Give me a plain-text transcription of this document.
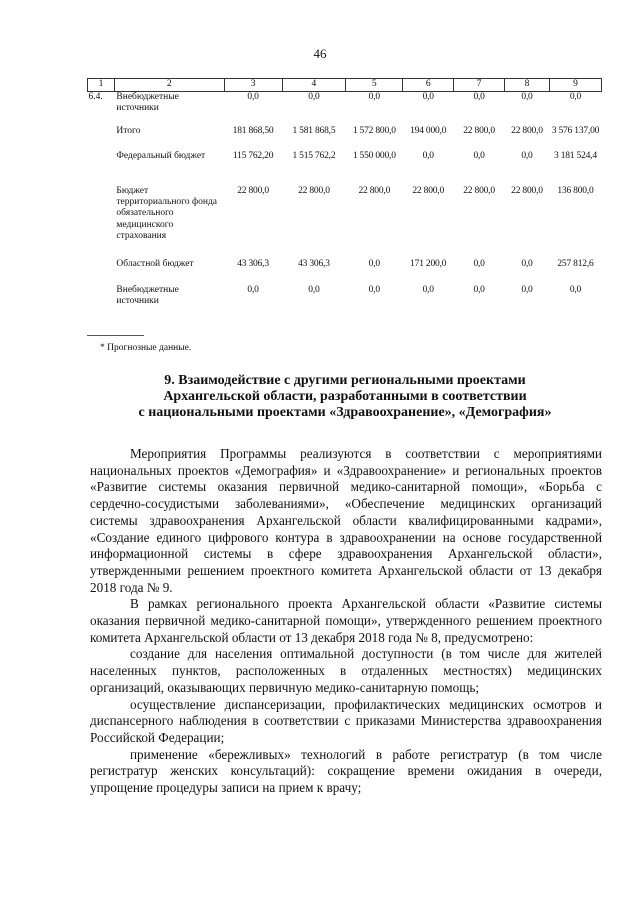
46
1	2	3	4	5	6	7	8	9
6.4.	Внебюджетные источники	0,0	0,0	0,0	0,0	0,0	0,0	0,0
	Итого	181 868,50	1 581 868,5	1 572 800,0	194 000,0	22 800,0	22 800,0	3 576 137,00
	Федеральный бюджет	115 762,20	1 515 762,2	1 550 000,0	0,0	0,0	0,0	3 181 524,4
	Бюджет территориального фонда обязательного медицинского страхования	22 800,0	22 800,0	22 800,0	22 800,0	22 800,0	22 800,0	136 800,0
	Областной бюджет	43 306,3	43 306,3	0,0	171 200,0	0,0	0,0	257 812,6
	Внебюджетные источники	0,0	0,0	0,0	0,0	0,0	0,0	0,0
* Прогнозные данные.
9. Взаимодействие с другими региональными проектами
Архангельской области, разработанными в соответствии
с национальными проектами «Здравоохранение», «Демография»

Мероприятия Программы реализуются в соответствии с мероприятиями национальных проектов «Демография» и «Здравоохранение» и региональных проектов «Развитие системы оказания первичной медико-санитарной помощи», «Борьба с сердечно-сосудистыми заболеваниями», «Обеспечение медицинских организаций системы здравоохранения Архангельской области квалифицированными кадрами», «Создание единого цифрового контура в здравоохранении на основе государственной информационной системы в сфере здравоохранения Архангельской области», утвержденными решением проектного комитета Архангельской области от 13 декабря 2018 года № 9.

В рамках регионального проекта Архангельской области «Развитие системы оказания первичной медико-санитарной помощи», утвержденного решением проектного комитета Архангельской области от 13 декабря 2018 года № 8, предусмотрено:

создание для населения оптимальной доступности (в том числе для жителей населенных пунктов, расположенных в отдаленных местностях) медицинских организаций, оказывающих первичную медико-санитарную помощь;

осуществление диспансеризации, профилактических медицинских осмотров и диспансерного наблюдения в соответствии с приказами Министерства здравоохранения Российской Федерации;

применение «бережливых» технологий в работе регистратур (в том числе регистратур женских консультаций): сокращение времени ожидания в очереди, упрощение процедуры записи на прием к врачу;
